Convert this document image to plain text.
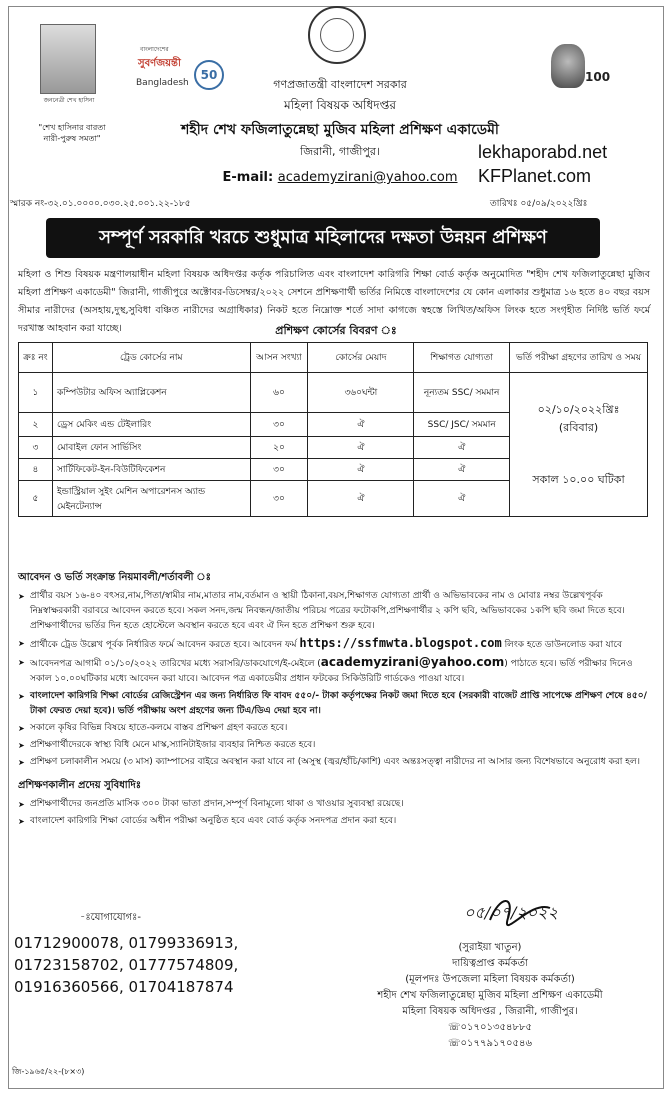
জননেত্রী শেখ হাসিনা
"শেখ হাসিনার বারতা
নারী-পুরুষ সমতা"
বাংলাদেশের
সুবর্ণজয়ন্তী
Bangladesh
50	100
গণপ্রজাতন্ত্রী বাংলাদেশ সরকার
মহিলা বিষয়ক অধিদপ্তর
শহীদ শেখ ফজিলাতুন্নেছা মুজিব মহিলা প্রশিক্ষণ একাডেমী
জিরানী, গাজীপুর।
E-mail: academyzirani@yahoo.com
lekhaporabd.net
KFPlanet.com
স্মারক নং-৩২.০১.০০০০.০৩০.২৫.০০১.২২-১৮৫	তারিখঃ ০৫/০৯/২০২২খ্রিঃ
সম্পূর্ণ সরকারি খরচে শুধুমাত্র মহিলাদের দক্ষতা উন্নয়ন প্রশিক্ষণ
মহিলা ও শিশু বিষয়ক মন্ত্রণালয়াধীন মহিলা বিষয়ক অধিদপ্তর কর্তৃক পরিচালিত এবং বাংলাদেশ কারিগরি শিক্ষা বোর্ড কর্তৃক অনুমোদিত "শহীদ শেখ ফজিলাতুন্নেছা মুজিব মহিলা প্রশিক্ষণ একাডেমী" জিরানী, গাজীপুরে অক্টোবর-ডিসেম্বর/২০২২ সেশনে প্রশিক্ষণার্থী ভর্তির নিমিত্তে বাংলাদেশের যে কোন এলাকার শুধুমাত্র ১৬ হতে ৪০ বছর বয়স সীমার নারীদের (অসহায়,দুস্থ,সুবিধা বঞ্চিত নারীদের অগ্রাধিকার) নিকট হতে নিম্নোক্ত শর্তে সাদা কাগজে স্বহস্তে লিখিত/অফিস লিংক হতে সংগৃহীত নির্দিষ্ট ভর্তি ফর্মে দরখাস্ত আহবান করা যাচ্ছে।	প্রশিক্ষণ কোর্সের বিবরণ ঃ
ক্রঃ নং	ট্রেড কোর্সের নাম	আসন সংখ্যা	কোর্সের মেয়াদ	শিক্ষাগত যোগ্যতা	ভর্তি পরীক্ষা গ্রহণের তারিখ ও সময়
১	কম্পিউটার অফিস অ্যাপ্লিকেশন	৬০	৩৬০ঘন্টা	নূন্যতম SSC/ সমমান	০২/১০/২০২২খ্রিঃ
(রবিবার)
সকাল ১০.০০ ঘটিকা

২	ড্রেস মেকিং এন্ড টেইলারিং	৩০	ঐ	SSC/ JSC/ সমমান	
৩	মোবাইল ফোন সার্ভিসিং	২০	ঐ	ঐ	
৪	সার্টিফিকেট-ইন-বিউটিফিকেশন	৩০	ঐ	ঐ	
৫	ইন্ডাস্ট্রিয়াল সুইং মেশিন অপারেশনস অ্যান্ড মেইনটেন্যান্স	৩০	ঐ	ঐ	
আবেদন ও ভর্তি সংক্রান্ত নিয়মাবলী/শর্তাবলী ঃ
➤ প্রার্থীর বয়স ১৬-৪০ বৎসর,নাম,পিতা/স্বামীর নাম,মাতার নাম,বর্তমান ও স্থায়ী ঠিকানা,বয়স,শিক্ষাগত যোগ্যতা প্রার্থী ও অভিভাবকের নাম ও মোবাঃ নম্বর উল্লেখপূর্বক নিম্নস্বাক্ষরকারী বরাবরে আবেদন করতে হবে। সকল সনদ,জন্ম নিবন্ধন/জাতীয় পরিচয় পত্রের ফটোকপি,প্রশিক্ষণার্থীর ২ কপি ছবি, অভিভাবকের ১কপি ছবি জমা দিতে হবে। প্রশিক্ষণার্থীদের ভর্তির দিন হতে হোস্টেলে অবস্থান করতে হবে এবং ঐ দিন হতে প্রশিক্ষণ শুরু হবে।
➤ প্রার্থীকে ট্রেড উল্লেখ পূর্বক নির্ধারিত ফর্মে আবেদন করতে হবে। আবেদন ফর্ম https://ssfmwta.blogspot.com লিংক হতে ডাউনলোড করা যাবে
➤ আবেদনপত্র আগামী ০১/১০/২০২২ তারিখের মধ্যে সরাসরি/ডাকযোগে/ই-মেইলে (academyzirani@yahoo.com) পাঠাতে হবে। ভর্তি পরীক্ষার দিনেও সকাল ১০.০০ঘটিকার মধ্যে আবেদন করা যাবে। আবেদন পত্র একাডেমীর প্রধান ফটকের সিকিউরিটি গার্ডকেও পাওয়া যাবে।
➤ বাংলাদেশ কারিগরি শিক্ষা বোর্ডের রেজিস্ট্রেশন এর জন্য নির্ধারিত ফি বাবদ ৫৫০/- টাকা কর্তৃপক্ষের নিকট জমা দিতে হবে (সরকারী বাজেট প্রাপ্তি সাপেক্ষে প্রশিক্ষণ শেষে ৪৫০/টাকা ফেরত দেয়া হবে)। ভর্তি পরীক্ষায় অংশ গ্রহণের জন্য টিএ/ডিএ দেয়া হবে না।
➤ সকালে কৃষির বিভিন্ন বিষয়ে হাতে-কলমে বাস্তব প্রশিক্ষণ গ্রহণ করতে হবে।
➤ প্রশিক্ষণার্থীদেরকে স্বাস্থ্য বিধি মেনে মাস্ক,স্যানিটাইজার ব্যবহার নিশ্চিত করতে হবে।
➤ প্রশিক্ষণ চলাকালীন সময়ে (৩ মাস) ক্যাম্পাসের বাইরে অবস্থান করা যাবে না (অসুস্থ (জ্বর/হাঁচি/কাশি) এবং অন্তঃসত্ত্বা নারীদের না আসার জন্য বিশেষভাবে অনুরোধ করা হল।
প্রশিক্ষণকালীন প্রদেয় সুবিধাদিঃ
➤ প্রশিক্ষণার্থীদের জনপ্রতি মাসিক ৩০০ টাকা ভাতা প্রদান,সম্পূর্ণ বিনামূল্যে থাকা ও খাওয়ার সুব্যবস্থা রয়েছে।
➤ বাংলাদেশ কারিগরি শিক্ষা বোর্ডের অধীন পরীক্ষা অনুষ্ঠিত হবে এবং বোর্ড কর্তৃক সনদপত্র প্রদান করা হবে।
-ঃযোগাযোগঃ-
01712900078, 01799336913,
01723158702, 01777574809,
01916360566, 01704187874
০৫/০৭/২০২২
(সুরাইয়া খাতুন)
দায়িত্বপ্রাপ্ত কর্মকর্তা
(মূলপদঃ উপজেলা মহিলা বিষয়ক কর্মকর্তা)
শহীদ শেখ ফজিলাতুন্নেছা মুজিব মহিলা প্রশিক্ষণ একাডেমী
মহিলা বিষয়ক অধিদপ্তর , জিরানী, গাজীপুর।
☏০১৭০১৩৫৪৮৮৫
☏০১৭৭৯১৭০৫৪৬
জি-১৯৬৫/২২-(৮×৩)
